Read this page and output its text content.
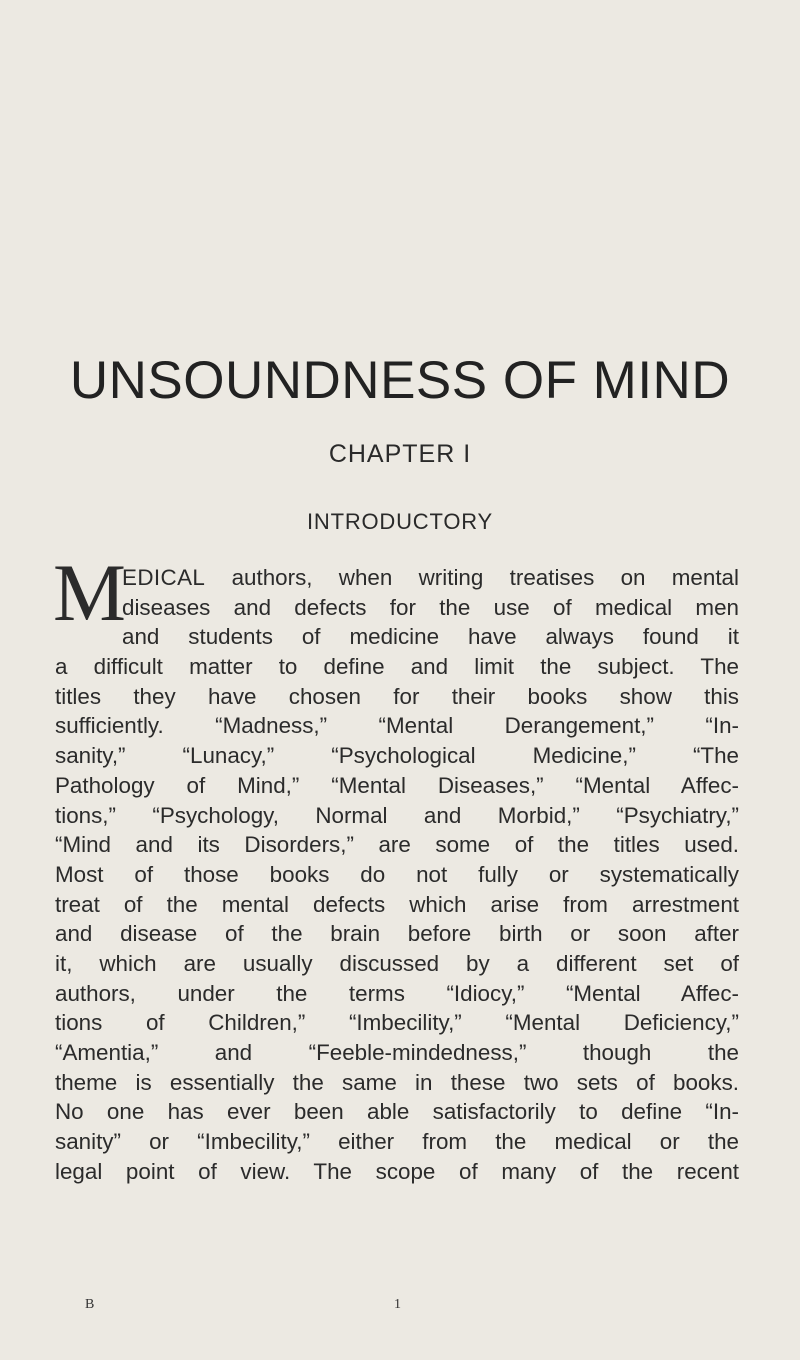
UNSOUNDNESS OF MIND
CHAPTER I
INTRODUCTORY
M
EDICAL authors, when writing treatises on mental
diseases and defects for the use of medical men
and students of medicine have always found it
a difficult matter to define and limit the subject. The
titles they have chosen for their books show this
sufficiently. “Madness,” “Mental Derangement,” “In-
sanity,” “Lunacy,” “Psychological Medicine,” “The
Pathology of Mind,” “Mental Diseases,” “Mental Affec-
tions,” “Psychology, Normal and Morbid,” “Psychiatry,”
“Mind and its Disorders,” are some of the titles used.
Most of those books do not fully or systematically
treat of the mental defects which arise from arrestment
and disease of the brain before birth or soon after
it, which are usually discussed by a different set of
authors, under the terms “Idiocy,” “Mental Affec-
tions of Children,” “Imbecility,” “Mental Deficiency,”
“Amentia,” and “Feeble-mindedness,” though the
theme is essentially the same in these two sets of books.
No one has ever been able satisfactorily to define “In-
sanity” or “Imbecility,” either from the medical or the
legal point of view. The scope of many of the recent
B	1
